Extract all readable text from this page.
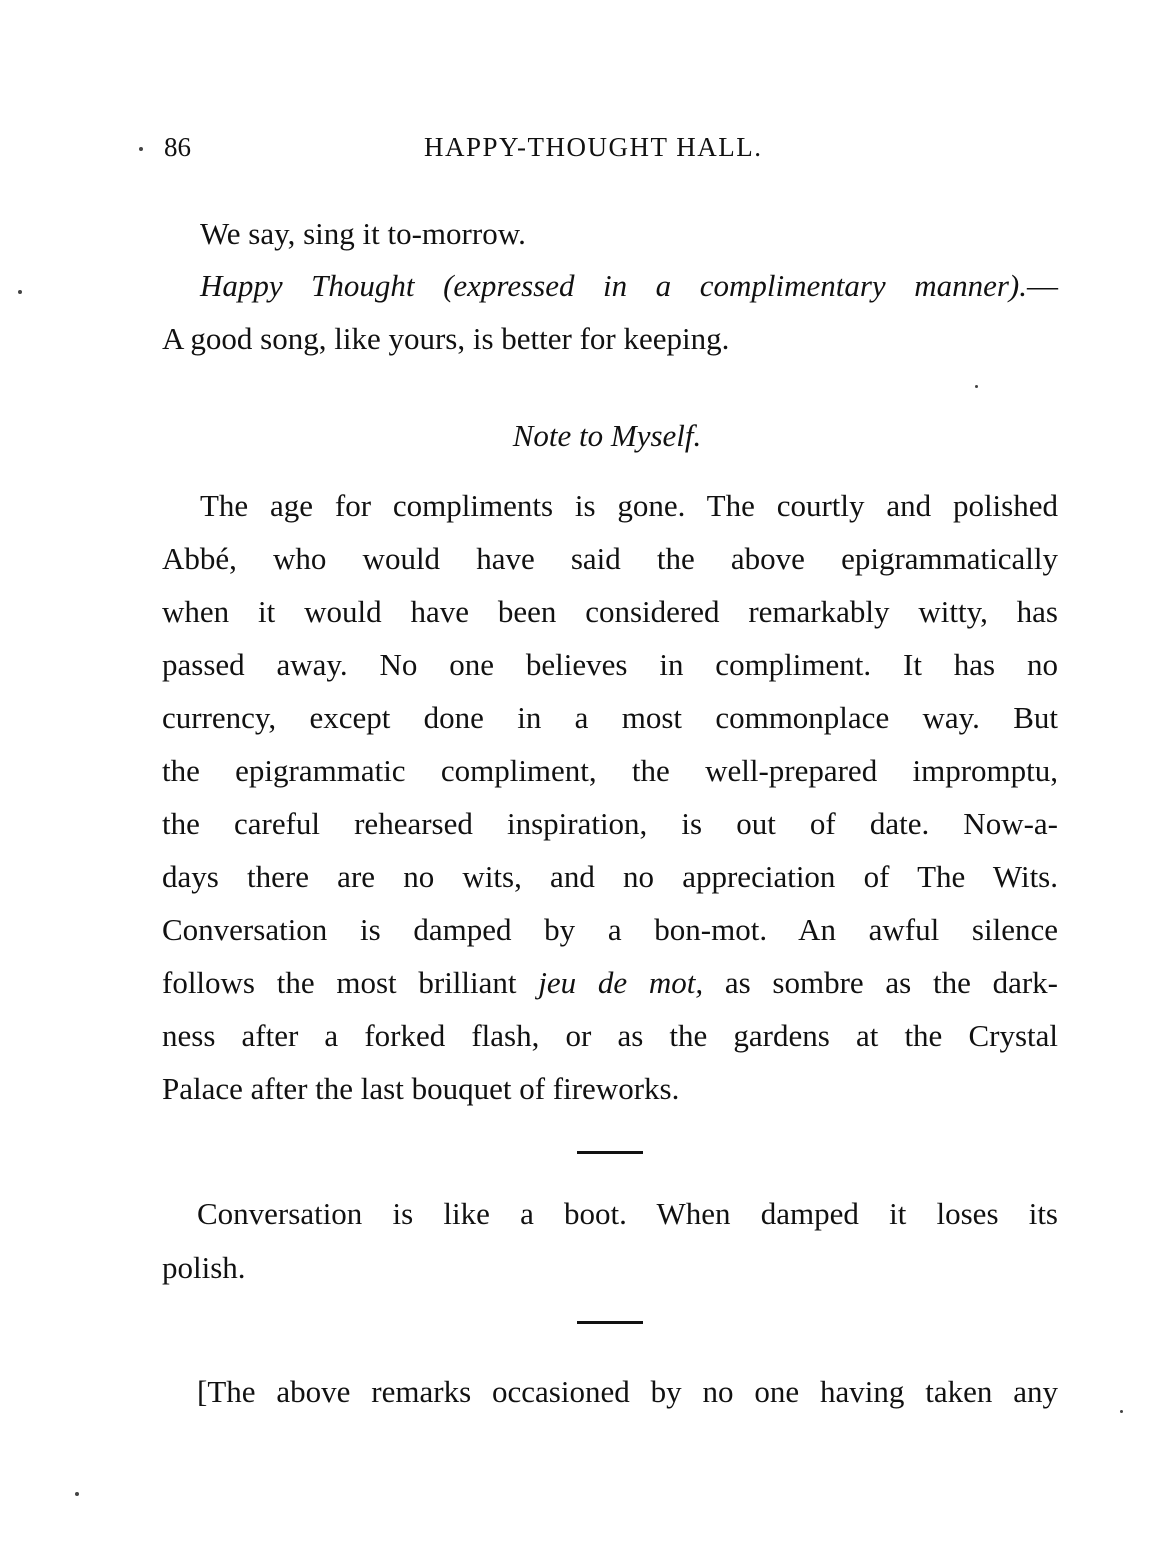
86	HAPPY-THOUGHT HALL.
We say, sing it to-morrow.
Happy Thought (expressed in a complimentary manner).—
A good song, like yours, is better for keeping.
Note to Myself.
The age for compliments is gone. The courtly and polished
Abbé, who would have said the above epigrammatically
when it would have been considered remarkably witty, has
passed away. No one believes in compliment. It has no
currency, except done in a most commonplace way. But
the epigrammatic compliment, the well-prepared impromptu,
the careful rehearsed inspiration, is out of date. Now-a-
days there are no wits, and no appreciation of The Wits.
Conversation is damped by a bon-mot. An awful silence
follows the most brilliant jeu de mot, as sombre as the dark-
ness after a forked flash, or as the gardens at the Crystal
Palace after the last bouquet of fireworks.
Conversation is like a boot. When damped it loses its
polish.
[The above remarks occasioned by no one having taken any
